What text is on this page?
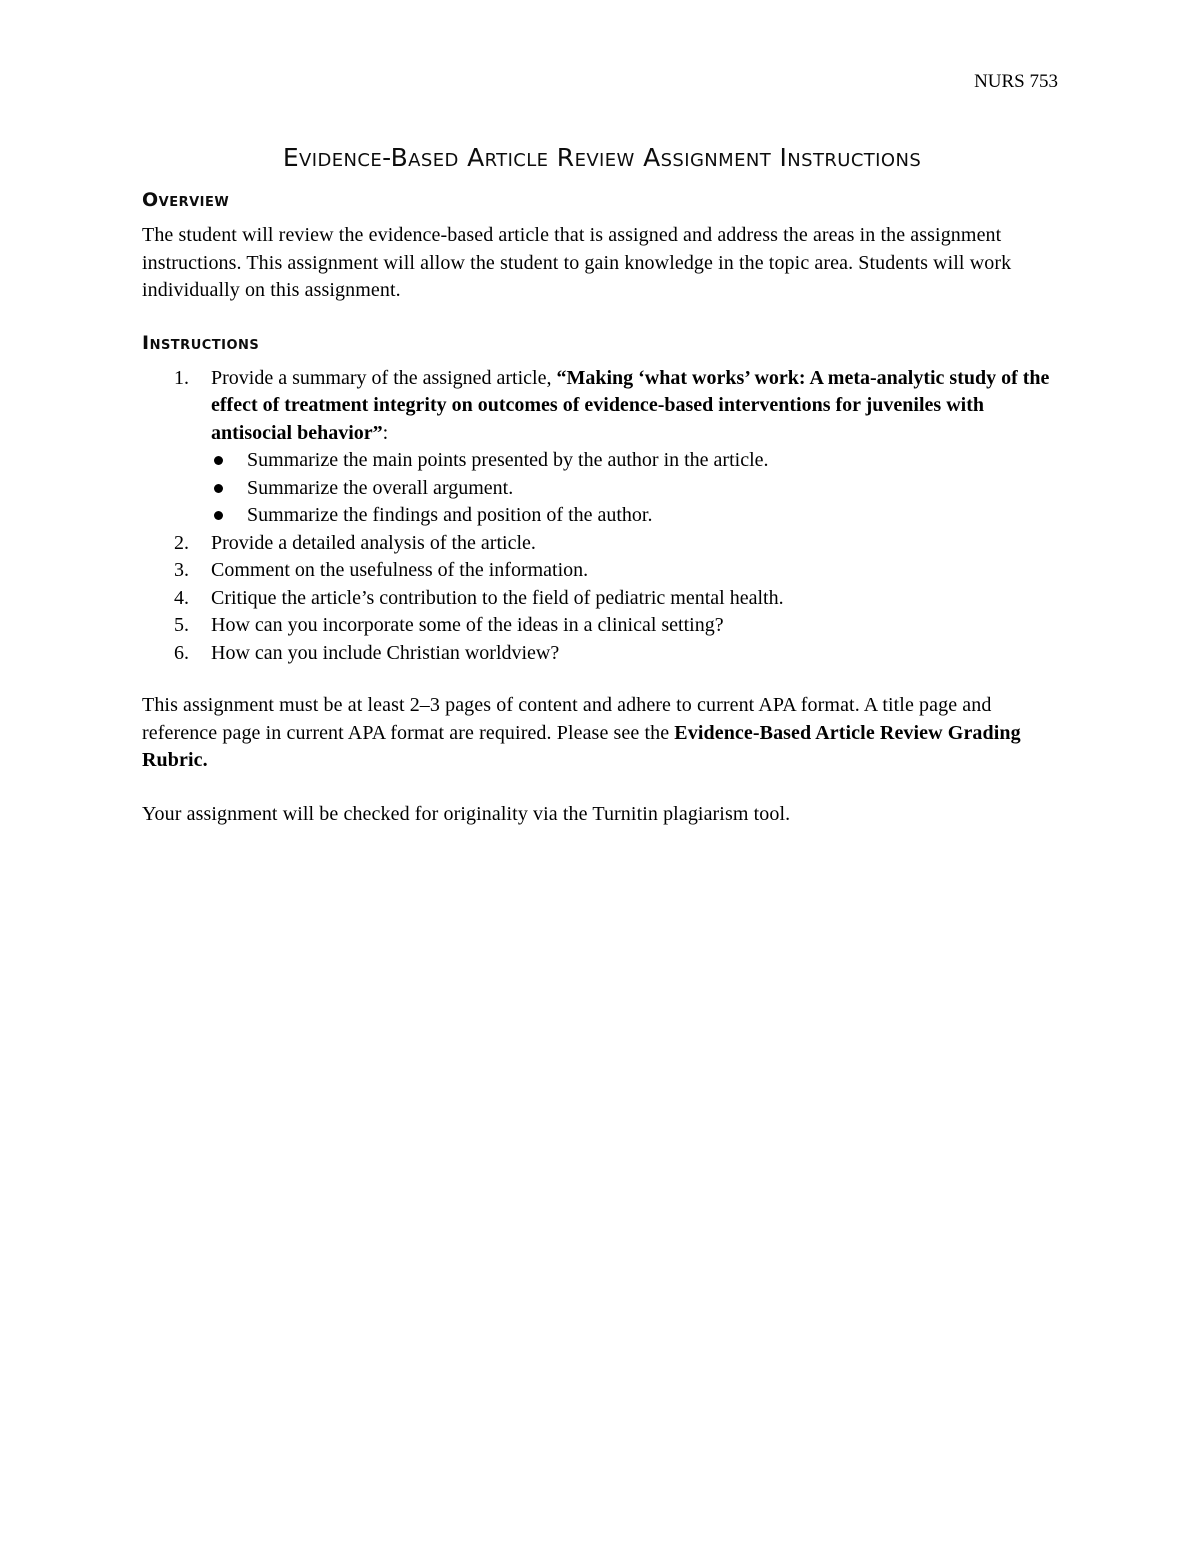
NURS 753
Evidence-Based Article Review Assignment Instructions
Overview

The student will review the evidence-based article that is assigned and address the areas in the assignment instructions. This assignment will allow the student to gain knowledge in the topic area. Students will work individually on this assignment.

Instructions
1. Provide a summary of the assigned article, “Making ‘what works’ work: A meta-analytic study of the effect of treatment integrity on outcomes of evidence-based interventions for juveniles with antisocial behavior”:
Summarize the main points presented by the author in the article.
Summarize the overall argument.
Summarize the findings and position of the author.
2. Provide a detailed analysis of the article.
3. Comment on the usefulness of the information.
4. Critique the article’s contribution to the field of pediatric mental health.
5. How can you incorporate some of the ideas in a clinical setting?
6. How can you include Christian worldview?

This assignment must be at least 2–3 pages of content and adhere to current APA format. A title page and reference page in current APA format are required. Please see the Evidence-Based Article Review Grading Rubric.

Your assignment will be checked for originality via the Turnitin plagiarism tool.
